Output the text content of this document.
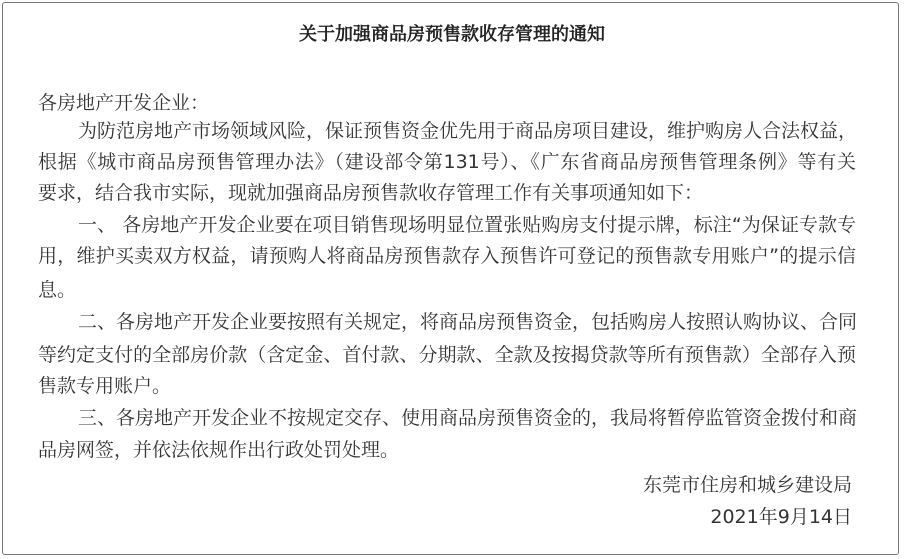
关于加强商品房预售款收存管理的通知
各房地产开发企业：
为防范房地产市场领域风险，保证预售资金优先用于商品房项目建设，维护购房人合法权益，
根据《城市商品房预售管理办法》（建设部令第131号）、《广东省商品房预售管理条例》等有关
要求，结合我市实际，现就加强商品房预售款收存管理工作有关事项通知如下：
一、 各房地产开发企业要在项目销售现场明显位置张贴购房支付提示牌，标注“为保证专款专
用，维护买卖双方权益，请预购人将商品房预售款存入预售许可登记的预售款专用账户”的提示信
息。
二、各房地产开发企业要按照有关规定，将商品房预售资金，包括购房人按照认购协议、合同
等约定支付的全部房价款（含定金、首付款、分期款、全款及按揭贷款等所有预售款）全部存入预
售款专用账户。
三、各房地产开发企业不按规定交存、使用商品房预售资金的，我局将暂停监管资金拨付和商
品房网签，并依法依规作出行政处罚处理。
东莞市住房和城乡建设局
2021年9月14日
